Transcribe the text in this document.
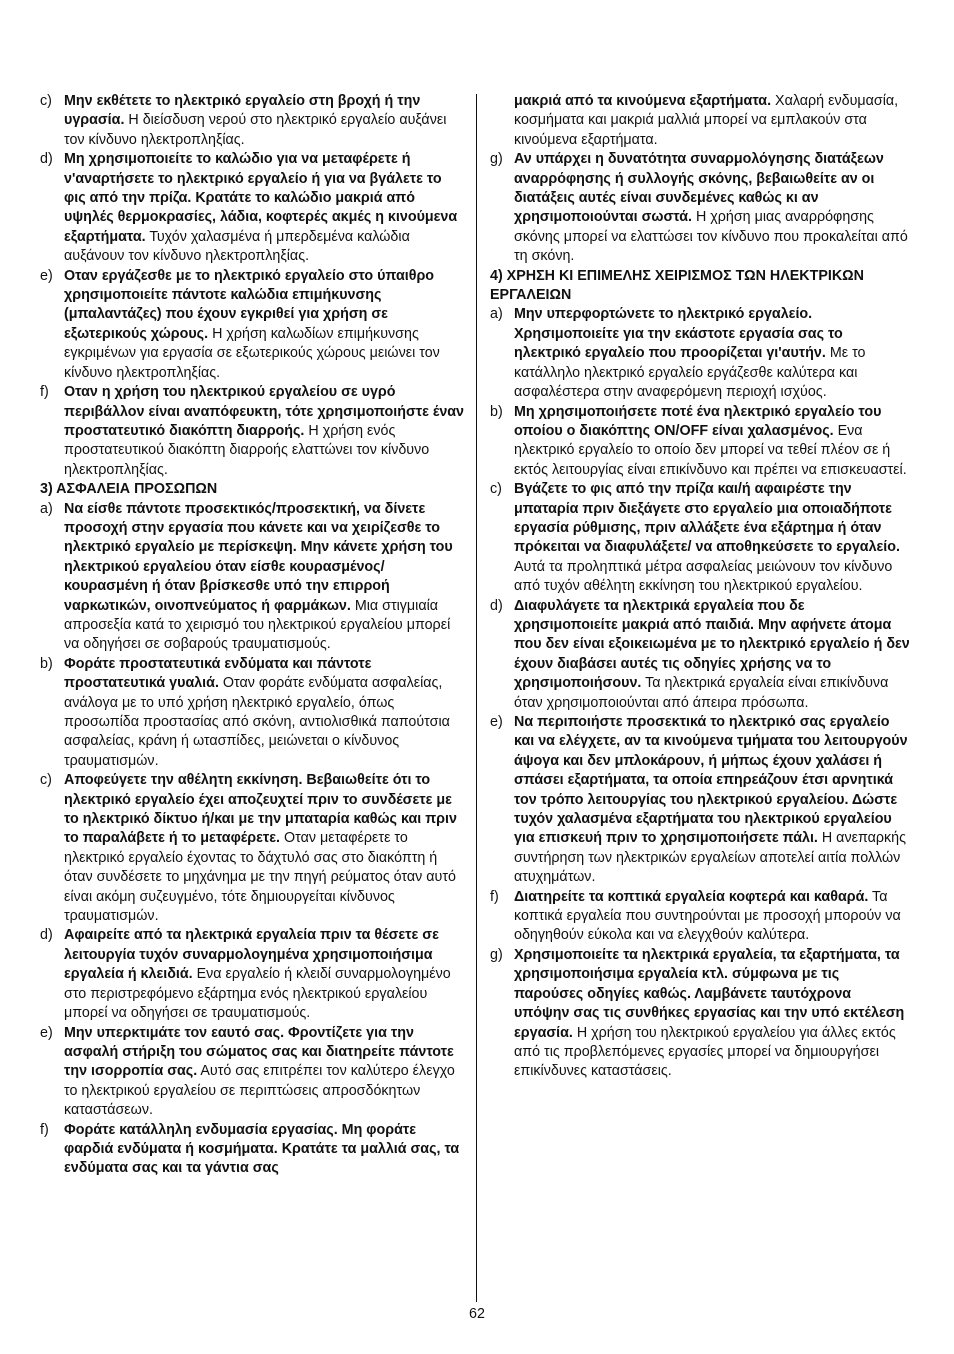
c) Μην εκθέτετε το ηλεκτρικό εργαλείο στη βροχή ή την υγρασία. Η διείσδυση νερού στο ηλεκτρικό εργαλείο αυξάνει τον κίνδυνο ηλεκτροπληξίας.
d) Μη χρησιμοποιείτε το καλώδιο για να μεταφέρετε ή ν'αναρτήσετε το ηλεκτρικό εργαλείο ή για να βγάλετε το φις από την πρίζα. Κρατάτε το καλώδιο μακριά από υψηλές θερμοκρασίες, λάδια, κοφτερές ακμές η κινούμενα εξαρτήματα. Τυχόν χαλασμένα ή μπερδεμένα καλώδια αυξάνουν τον κίνδυνο ηλεκτροπληξίας.
e) Οταν εργάζεσθε με το ηλεκτρικό εργαλείο στο ύπαιθρο χρησιμοποιείτε πάντοτε καλώδια επιμήκυνσης (μπαλαντάζες) που έχουν εγκριθεί για χρήση σε εξωτερικούς χώρους. Η χρήση καλωδίων επιμήκυνσης εγκριμένων για εργασία σε εξωτερικούς χώρους μειώνει τον κίνδυνο ηλεκτροπληξίας.
f) Οταν η χρήση του ηλεκτρικού εργαλείου σε υγρό περιβάλλον είναι αναπόφευκτη, τότε χρησιμοποιήστε έναν προστατευτικό διακόπτη διαρροής. Η χρήση ενός προστατευτικού διακόπτη διαρροής ελαττώνει τον κίνδυνο ηλεκτροπληξίας.
3) ΑΣΦΑΛΕΙΑ ΠΡΟΣΩΠΩΝ
a) Να είσθε πάντοτε προσεκτικός/προσεκτική, να δίνετε προσοχή στην εργασία που κάνετε και να χειρίζεσθε το ηλεκτρικό εργαλείο με περίσκεψη. Μην κάνετε χρήση του ηλεκτρικού εργαλείου όταν είσθε κουρασμένος/κουρασμένη ή όταν βρίσκεσθε υπό την επιρροή ναρκωτικών, οινοπνεύματος ή φαρμάκων. Μια στιγμιαία απροσεξία κατά το χειρισμό του ηλεκτρικού εργαλείου μπορεί να οδηγήσει σε σοβαρούς τραυματισμούς.
b) Φοράτε προστατευτικά ενδύματα και πάντοτε προστατευτικά γυαλιά. Οταν φοράτε ενδύματα ασφαλείας, ανάλογα με το υπό χρήση ηλεκτρικό εργαλείο, όπως προσωπίδα προστασίας από σκόνη, αντιολισθικά παπούτσια ασφαλείας, κράνη ή ωτασπίδες, μειώνεται ο κίνδυνος τραυματισμών.
c) Αποφεύγετε την αθέλητη εκκίνηση. Βεβαιωθείτε ότι το ηλεκτρικό εργαλείο έχει αποζευχτεί πριν το συνδέσετε με το ηλεκτρικό δίκτυο ή/και με την μπαταρία καθώς και πριν το παραλάβετε ή το μεταφέρετε. Οταν μεταφέρετε το ηλεκτρικό εργαλείο έχοντας το δάχτυλό σας στο διακόπτη ή όταν συνδέσετε το μηχάνημα με την πηγή ρεύματος όταν αυτό είναι ακόμη συζευγμένο, τότε δημιουργείται κίνδυνος τραυματισμών.
d) Αφαιρείτε από τα ηλεκτρικά εργαλεία πριν τα θέσετε σε λειτουργία τυχόν συναρμολογημένα χρησιμοποιήσιμα εργαλεία ή κλειδιά. Ενα εργαλείο ή κλειδί συναρμολογημένο στο περιστρεφόμενο εξάρτημα ενός ηλεκτρικού εργαλείου μπορεί να οδηγήσει σε τραυματισμούς.
e) Μην υπερκτιμάτε τον εαυτό σας. Φροντίζετε για την ασφαλή στήριξη του σώματος σας και διατηρείτε πάντοτε την ισορροπία σας. Αυτό σας επιτρέπει τον καλύτερο έλεγχο το ηλεκτρικού εργαλείου σε περιπτώσεις απροσδόκητων καταστάσεων.
f) Φοράτε κατάλληλη ενδυμασία εργασίας. Μη φοράτε φαρδιά ενδύματα ή κοσμήματα. Κρατάτε τα μαλλιά σας, τα ενδύματα σας και τα γάντια σας
μακριά από τα κινούμενα εξαρτήματα. Χαλαρή ενδυμασία, κοσμήματα και μακριά μαλλιά μπορεί να εμπλακούν στα κινούμενα εξαρτήματα.
g) Αν υπάρχει η δυνατότητα συναρμολόγησης διατάξεων αναρρόφησης ή συλλογής σκόνης, βεβαιωθείτε αν οι διατάξεις αυτές είναι συνδεμένες καθώς κι αν χρησιμοποιούνται σωστά. Η χρήση μιας αναρρόφησης σκόνης μπορεί να ελαττώσει τον κίνδυνο που προκαλείται από τη σκόνη.
4) ΧΡΗΣΗ ΚΙ ΕΠΙΜΕΛΗΣ ΧΕΙΡΙΣΜΟΣ ΤΩΝ ΗΛΕΚΤΡΙΚΩΝ ΕΡΓΑΛΕΙΩΝ
a) Μην υπερφορτώνετε το ηλεκτρικό εργαλείο. Χρησιμοποιείτε για την εκάστοτε εργασία σας το ηλεκτρικό εργαλείο που προορίζεται γι'αυτήν. Με το κατάλληλο ηλεκτρικό εργαλείο εργάζεσθε καλύτερα και ασφαλέστερα στην αναφερόμενη περιοχή ισχύος.
b) Μη χρησιμοποιήσετε ποτέ ένα ηλεκτρικό εργαλείο του οποίου ο διακόπτης ON/OFF είναι χαλασμένος. Ενα ηλεκτρικό εργαλείο το οποίο δεν μπορεί να τεθεί πλέον σε ή εκτός λειτουργίας είναι επικίνδυνο και πρέπει να επισκευαστεί.
c) Βγάζετε το φις από την πρίζα και/ή αφαιρέστε την μπαταρία πριν διεξάγετε στο εργαλείο μια οποιαδήποτε εργασία ρύθμισης, πριν αλλάξετε ένα εξάρτημα ή όταν πρόκειται να διαφυλάξετε/ να αποθηκεύσετε το εργαλείο. Αυτά τα προληπτικά μέτρα ασφαλείας μειώνουν τον κίνδυνο από τυχόν αθέλητη εκκίνηση του ηλεκτρικού εργαλείου.
d) Διαφυλάγετε τα ηλεκτρικά εργαλεία που δε χρησιμοποιείτε μακριά από παιδιά. Μην αφήνετε άτομα που δεν είναι εξοικειωμένα με το ηλεκτρικό εργαλείο ή δεν έχουν διαβάσει αυτές τις οδηγίες χρήσης να το χρησιμοποιήσουν. Τα ηλεκτρικά εργαλεία είναι επικίνδυνα όταν χρησιμοποιούνται από άπειρα πρόσωπα.
e) Να περιποιήστε προσεκτικά το ηλεκτρικό σας εργαλείο και να ελέγχετε, αν τα κινούμενα τμήματα του λειτουργούν άψογα και δεν μπλοκάρουν, ή μήπως έχουν χαλάσει ή σπάσει εξαρτήματα, τα οποία επηρεάζουν έτσι αρνητικά τον τρόπο λειτουργίας του ηλεκτρικού εργαλείου. Δώστε τυχόν χαλασμένα εξαρτήματα του ηλεκτρικού εργαλείου για επισκευή πριν το χρησιμοποιήσετε πάλι. Η ανεπαρκής συντήρηση των ηλεκτρικών εργαλείων αποτελεί αιτία πολλών ατυχημάτων.
f) Διατηρείτε τα κοπτικά εργαλεία κοφτερά και καθαρά. Τα κοπτικά εργαλεία που συντηρούνται με προσοχή μπορούν να οδηγηθούν εύκολα και να ελεγχθούν καλύτερα.
g) Χρησιμοποιείτε τα ηλεκτρικά εργαλεία, τα εξαρτήματα, τα χρησιμοποιήσιμα εργαλεία κτλ. σύμφωνα με τις παρούσες οδηγίες καθώς. Λαμβάνετε ταυτόχρονα υπόψην σας τις συνθήκες εργασίας και την υπό εκτέλεση εργασία. Η χρήση του ηλεκτρικού εργαλείου για άλλες εκτός από τις προβλεπόμενες εργασίες μπορεί να δημιουργήσει επικίνδυνες καταστάσεις.
62
